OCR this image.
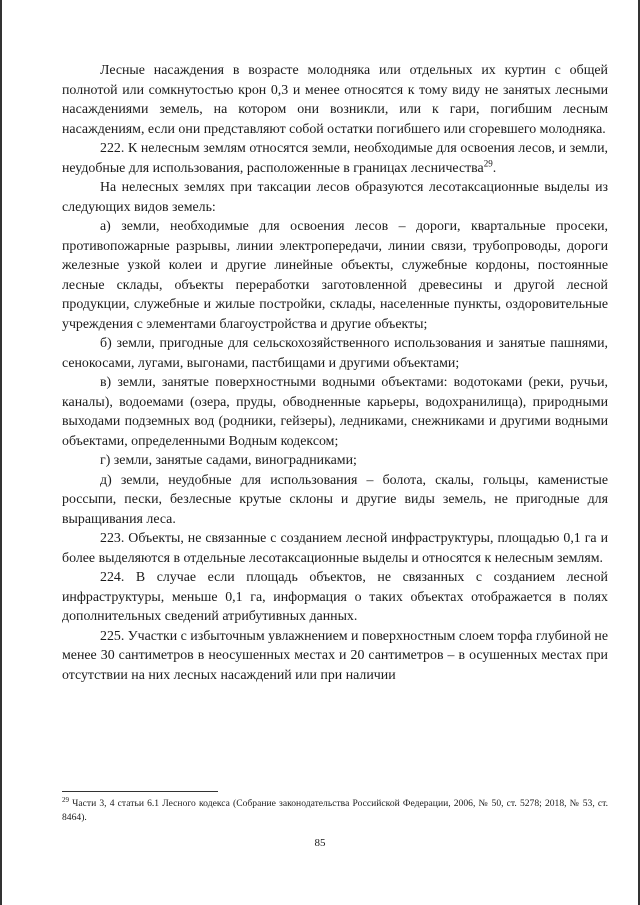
Лесные насаждения в возрасте молодняка или отдельных их куртин с общей полнотой или сомкнутостью крон 0,3 и менее относятся к тому виду не занятых лесными насаждениями земель, на котором они возникли, или к гари, погибшим лесным насаждениям, если они представляют собой остатки погибшего или сгоревшего молодняка.

222. К нелесным землям относятся земли, необходимые для освоения лесов, и земли, неудобные для использования, расположенные в границах лесничества$^{29}$.

На нелесных землях при таксации лесов образуются лесотаксационные выделы из следующих видов земель:

а) земли, необходимые для освоения лесов – дороги, квартальные просеки, противопожарные разрывы, линии электропередачи, линии связи, трубопроводы, дороги железные узкой колеи и другие линейные объекты, служебные кордоны, постоянные лесные склады, объекты переработки заготовленной древесины и другой лесной продукции, служебные и жилые постройки, склады, населенные пункты, оздоровительные учреждения с элементами благоустройства и другие объекты;

б) земли, пригодные для сельскохозяйственного использования и занятые пашнями, сенокосами, лугами, выгонами, пастбищами и другими объектами;

в) земли, занятые поверхностными водными объектами: водотоками (реки, ручьи, каналы), водоемами (озера, пруды, обводненные карьеры, водохранилища), природными выходами подземных вод (родники, гейзеры), ледниками, снежниками и другими водными объектами, определенными Водным кодексом;

г) земли, занятые садами, виноградниками;

д) земли, неудобные для использования – болота, скалы, гольцы, каменистые россыпи, пески, безлесные крутые склоны и другие виды земель, не пригодные для выращивания леса.

223. Объекты, не связанные с созданием лесной инфраструктуры, площадью 0,1 га и более выделяются в отдельные лесотаксационные выделы и относятся к нелесным землям.

224. В случае если площадь объектов, не связанных с созданием лесной инфраструктуры, меньше 0,1 га, информация о таких объектах отображается в полях дополнительных сведений атрибутивных данных.

225. Участки с избыточным увлажнением и поверхностным слоем торфа глубиной не менее 30 сантиметров в неосушенных местах и 20 сантиметров – в осушенных местах при отсутствии на них лесных насаждений или при наличии

$^{29}$ Части 3, 4 статьи 6.1 Лесного кодекса (Собрание законодательства Российской Федерации, 2006, № 50, ст. 5278; 2018, № 53, ст. 8464).
85
